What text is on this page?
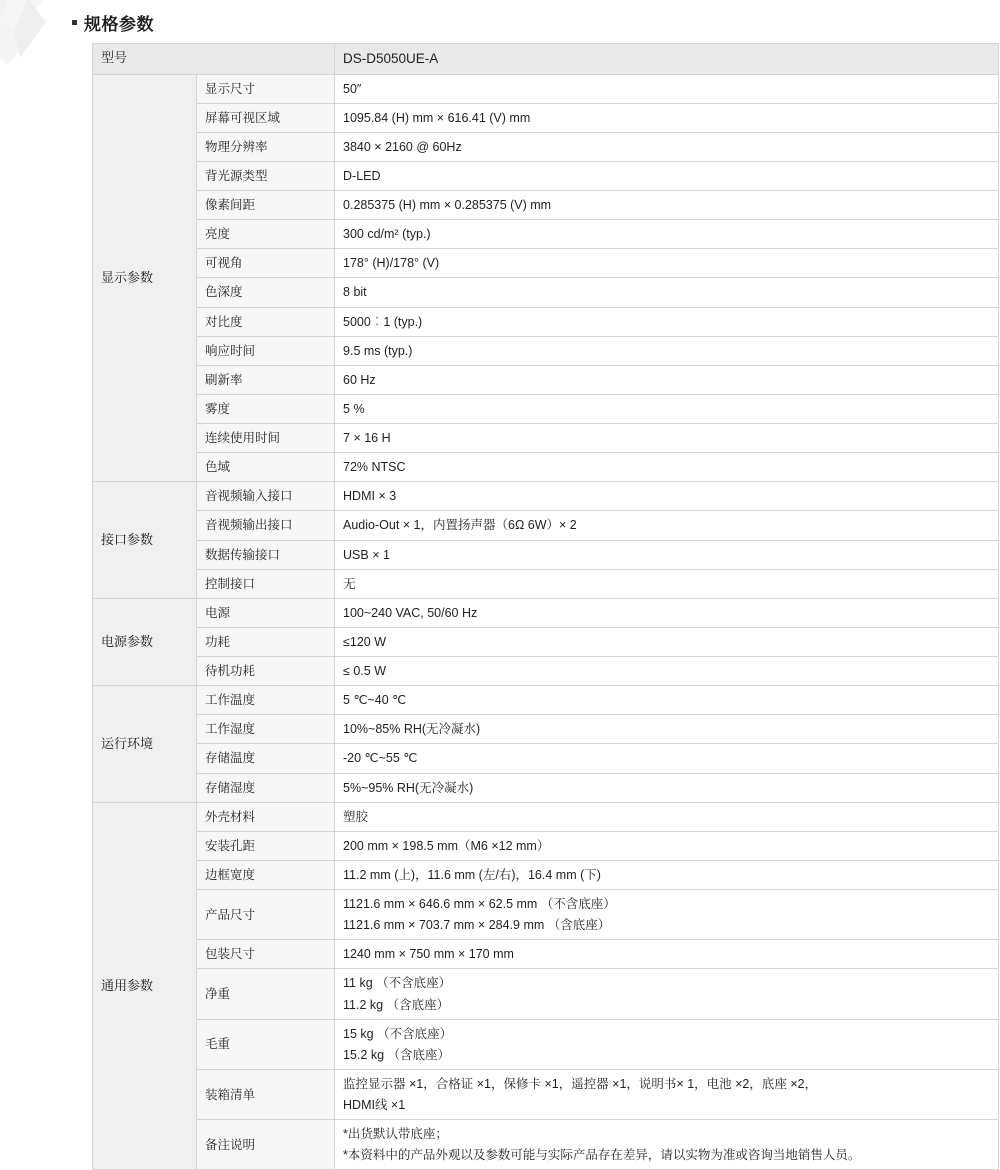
规格参数
型号		DS-D5050UE-A
显示参数	显示尺寸	50″

	屏幕可视区域	1095.84 (H) mm × 616.41 (V) mm

	物理分辨率	3840 × 2160 @ 60Hz

	背光源类型	D-LED

	像素间距	0.285375 (H) mm × 0.285375 (V) mm

	亮度	300 cd/m² (typ.)

	可视角	178° (H)/178° (V)

	色深度	8 bit

	对比度	5000︰1 (typ.)

	响应时间	9.5 ms (typ.)

	刷新率	60 Hz

	雾度	5 %

	连续使用时间	7 × 16 H

	色域	72% NTSC

接口参数	音视频输入接口	HDMI × 3

	音视频输出接口	Audio-Out × 1，内置扬声器（6Ω 6W）× 2

	数据传输接口	USB × 1

	控制接口	无

电源参数	电源	100~240 VAC, 50/60 Hz

	功耗	≤120 W

	待机功耗	≤ 0.5 W

运行环境	工作温度	5 ℃~40 ℃

	工作湿度	10%~85% RH(无冷凝水)

	存储温度	-20 ℃~55 ℃

	存储湿度	5%~95% RH(无冷凝水)

通用参数	外壳材料	塑胶

	安装孔距	200 mm × 198.5 mm（M6 ×12 mm）

	边框宽度	11.2 mm (上)，11.6 mm (左/右)，16.4 mm (下)

	产品尺寸	1121.6 mm × 646.6 mm × 62.5 mm （不含底座）
1121.6 mm × 703.7 mm × 284.9 mm （含底座）

	包装尺寸	1240 mm × 750 mm × 170 mm

	净重	11 kg （不含底座）
11.2 kg （含底座）

	毛重	15 kg （不含底座）
15.2 kg （含底座）

	装箱清单	监控显示器 ×1，合格证 ×1，保修卡 ×1，遥控器 ×1，说明书× 1，电池 ×2，底座 ×2，
HDMI线 ×1

	备注说明	*出货默认带底座；
*本资料中的产品外观以及参数可能与实际产品存在差异，请以实物为准或咨询当地销售人员。
